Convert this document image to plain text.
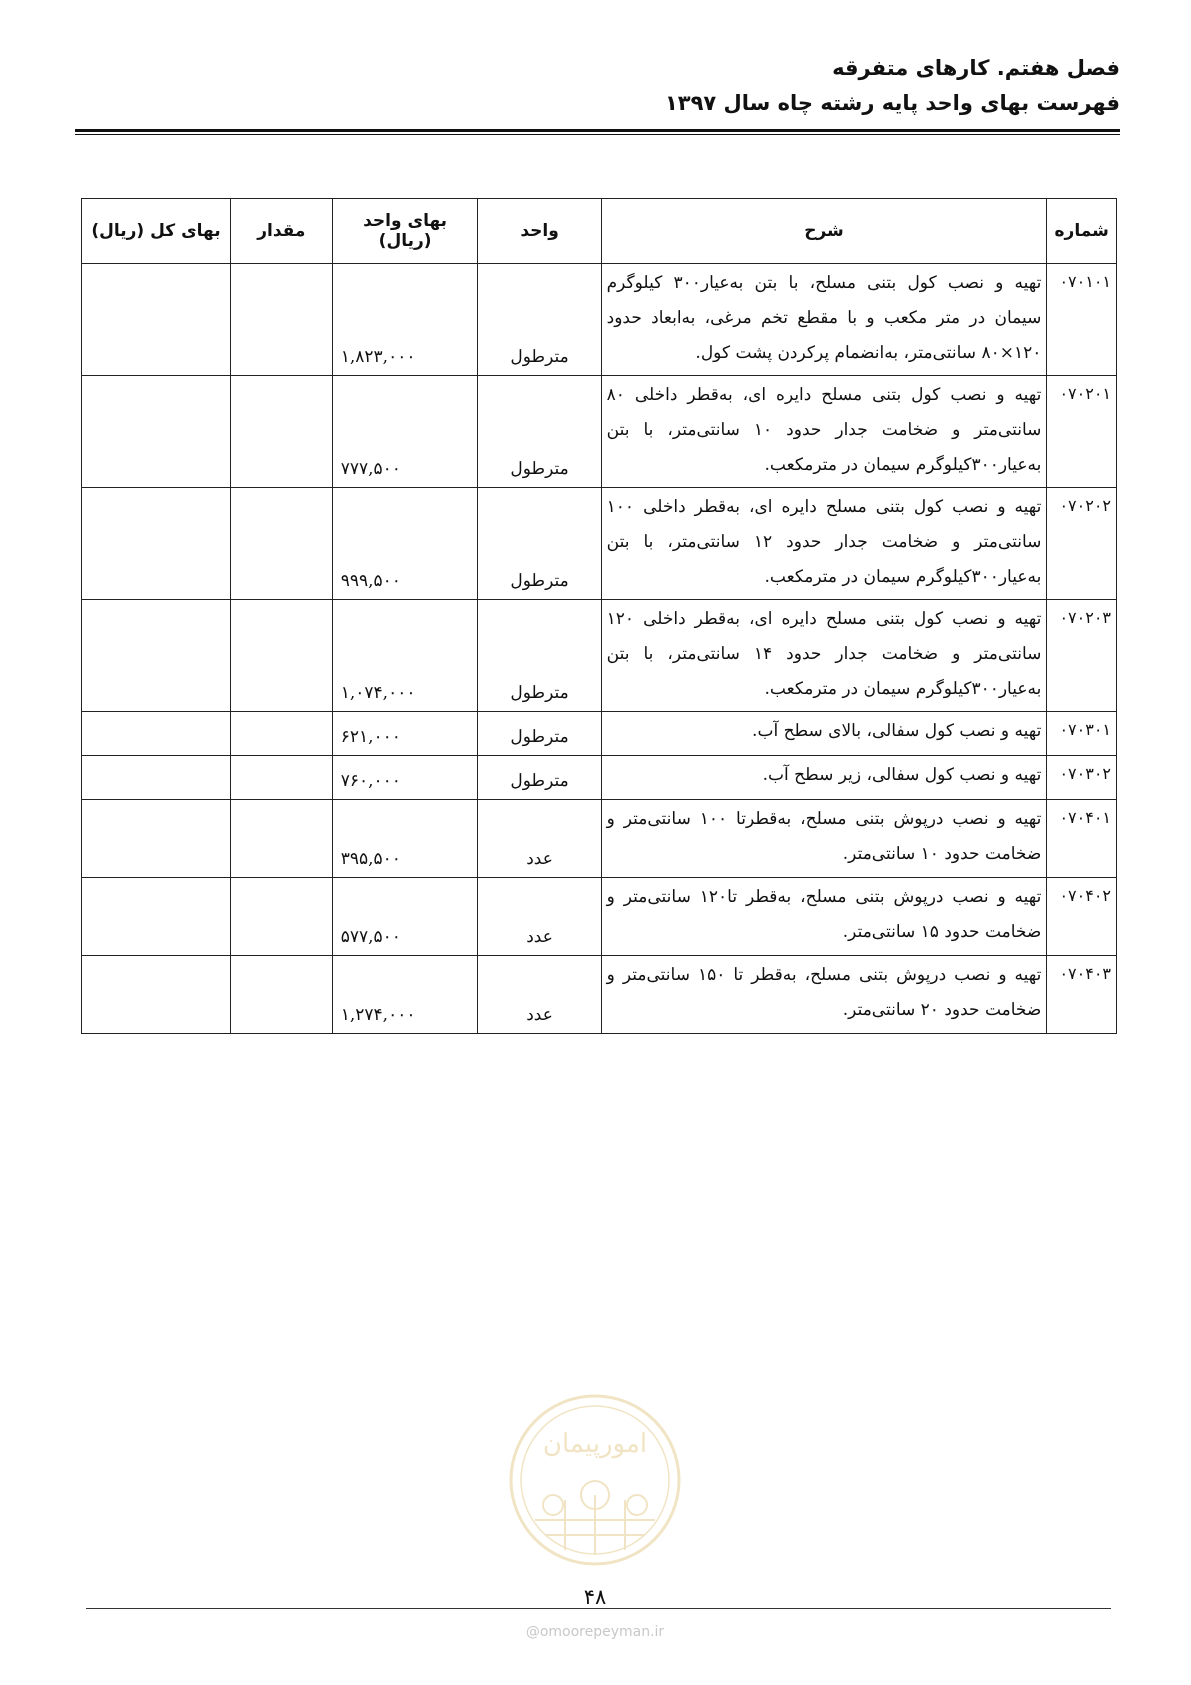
فصل هفتم. کارهای متفرقه
فهرست بهای واحد پایه رشته چاه سال ۱۳۹۷
شماره	شرح	واحد	بهای واحد (ریال)	مقدار	بهای کل (ریال)
۰۷۰۱۰۱	تهیه و نصب کول بتنی مسلح، با بتن به‌عیار۳۰۰ کیلوگرم سیمان در متر مکعب و با مقطع تخم مرغی، به‌ابعاد حدود ۱۲۰×۸۰ سانتی‌متر، به‌انضمام پرکردن پشت کول.	مترطول	۱,۸۲۳,۰۰۰		
۰۷۰۲۰۱	تهیه و نصب کول بتنی مسلح دایره ای، به‌قطر داخلی ۸۰ سانتی‌متر و ضخامت جدار حدود ۱۰ سانتی‌متر، با بتن به‌عیار۳۰۰کیلوگرم سیمان در مترمکعب.	مترطول	۷۷۷,۵۰۰		
۰۷۰۲۰۲	تهیه و نصب کول بتنی مسلح دایره ای، به‌قطر داخلی ۱۰۰ سانتی‌متر و ضخامت جدار حدود ۱۲ سانتی‌متر، با بتن به‌عیار۳۰۰کیلوگرم سیمان در مترمکعب.	مترطول	۹۹۹,۵۰۰		
۰۷۰۲۰۳	تهیه و نصب کول بتنی مسلح دایره ای، به‌قطر داخلی ۱۲۰ سانتی‌متر و ضخامت جدار حدود ۱۴ سانتی‌متر، با بتن به‌عیار۳۰۰کیلوگرم سیمان در مترمکعب.	مترطول	۱,۰۷۴,۰۰۰		
۰۷۰۳۰۱	تهیه و نصب کول سفالی، بالای سطح آب.	مترطول	۶۲۱,۰۰۰		
۰۷۰۳۰۲	تهیه و نصب کول سفالی، زیر سطح آب.	مترطول	۷۶۰,۰۰۰		
۰۷۰۴۰۱	تهیه و نصب درپوش بتنی مسلح، به‌قطرتا ۱۰۰ سانتی‌متر و ضخامت حدود ۱۰ سانتی‌متر.	عدد	۳۹۵,۵۰۰		
۰۷۰۴۰۲	تهیه و نصب درپوش بتنی مسلح، به‌قطر تا۱۲۰ سانتی‌متر و ضخامت حدود ۱۵ سانتی‌متر.	عدد	۵۷۷,۵۰۰		
۰۷۰۴۰۳	تهیه و نصب درپوش بتنی مسلح، به‌قطر تا ۱۵۰ سانتی‌متر و ضخامت حدود ۲۰ سانتی‌متر.	عدد	۱,۲۷۴,۰۰۰		
امورپیمان
۴۸
@omoorepeyman.ir
